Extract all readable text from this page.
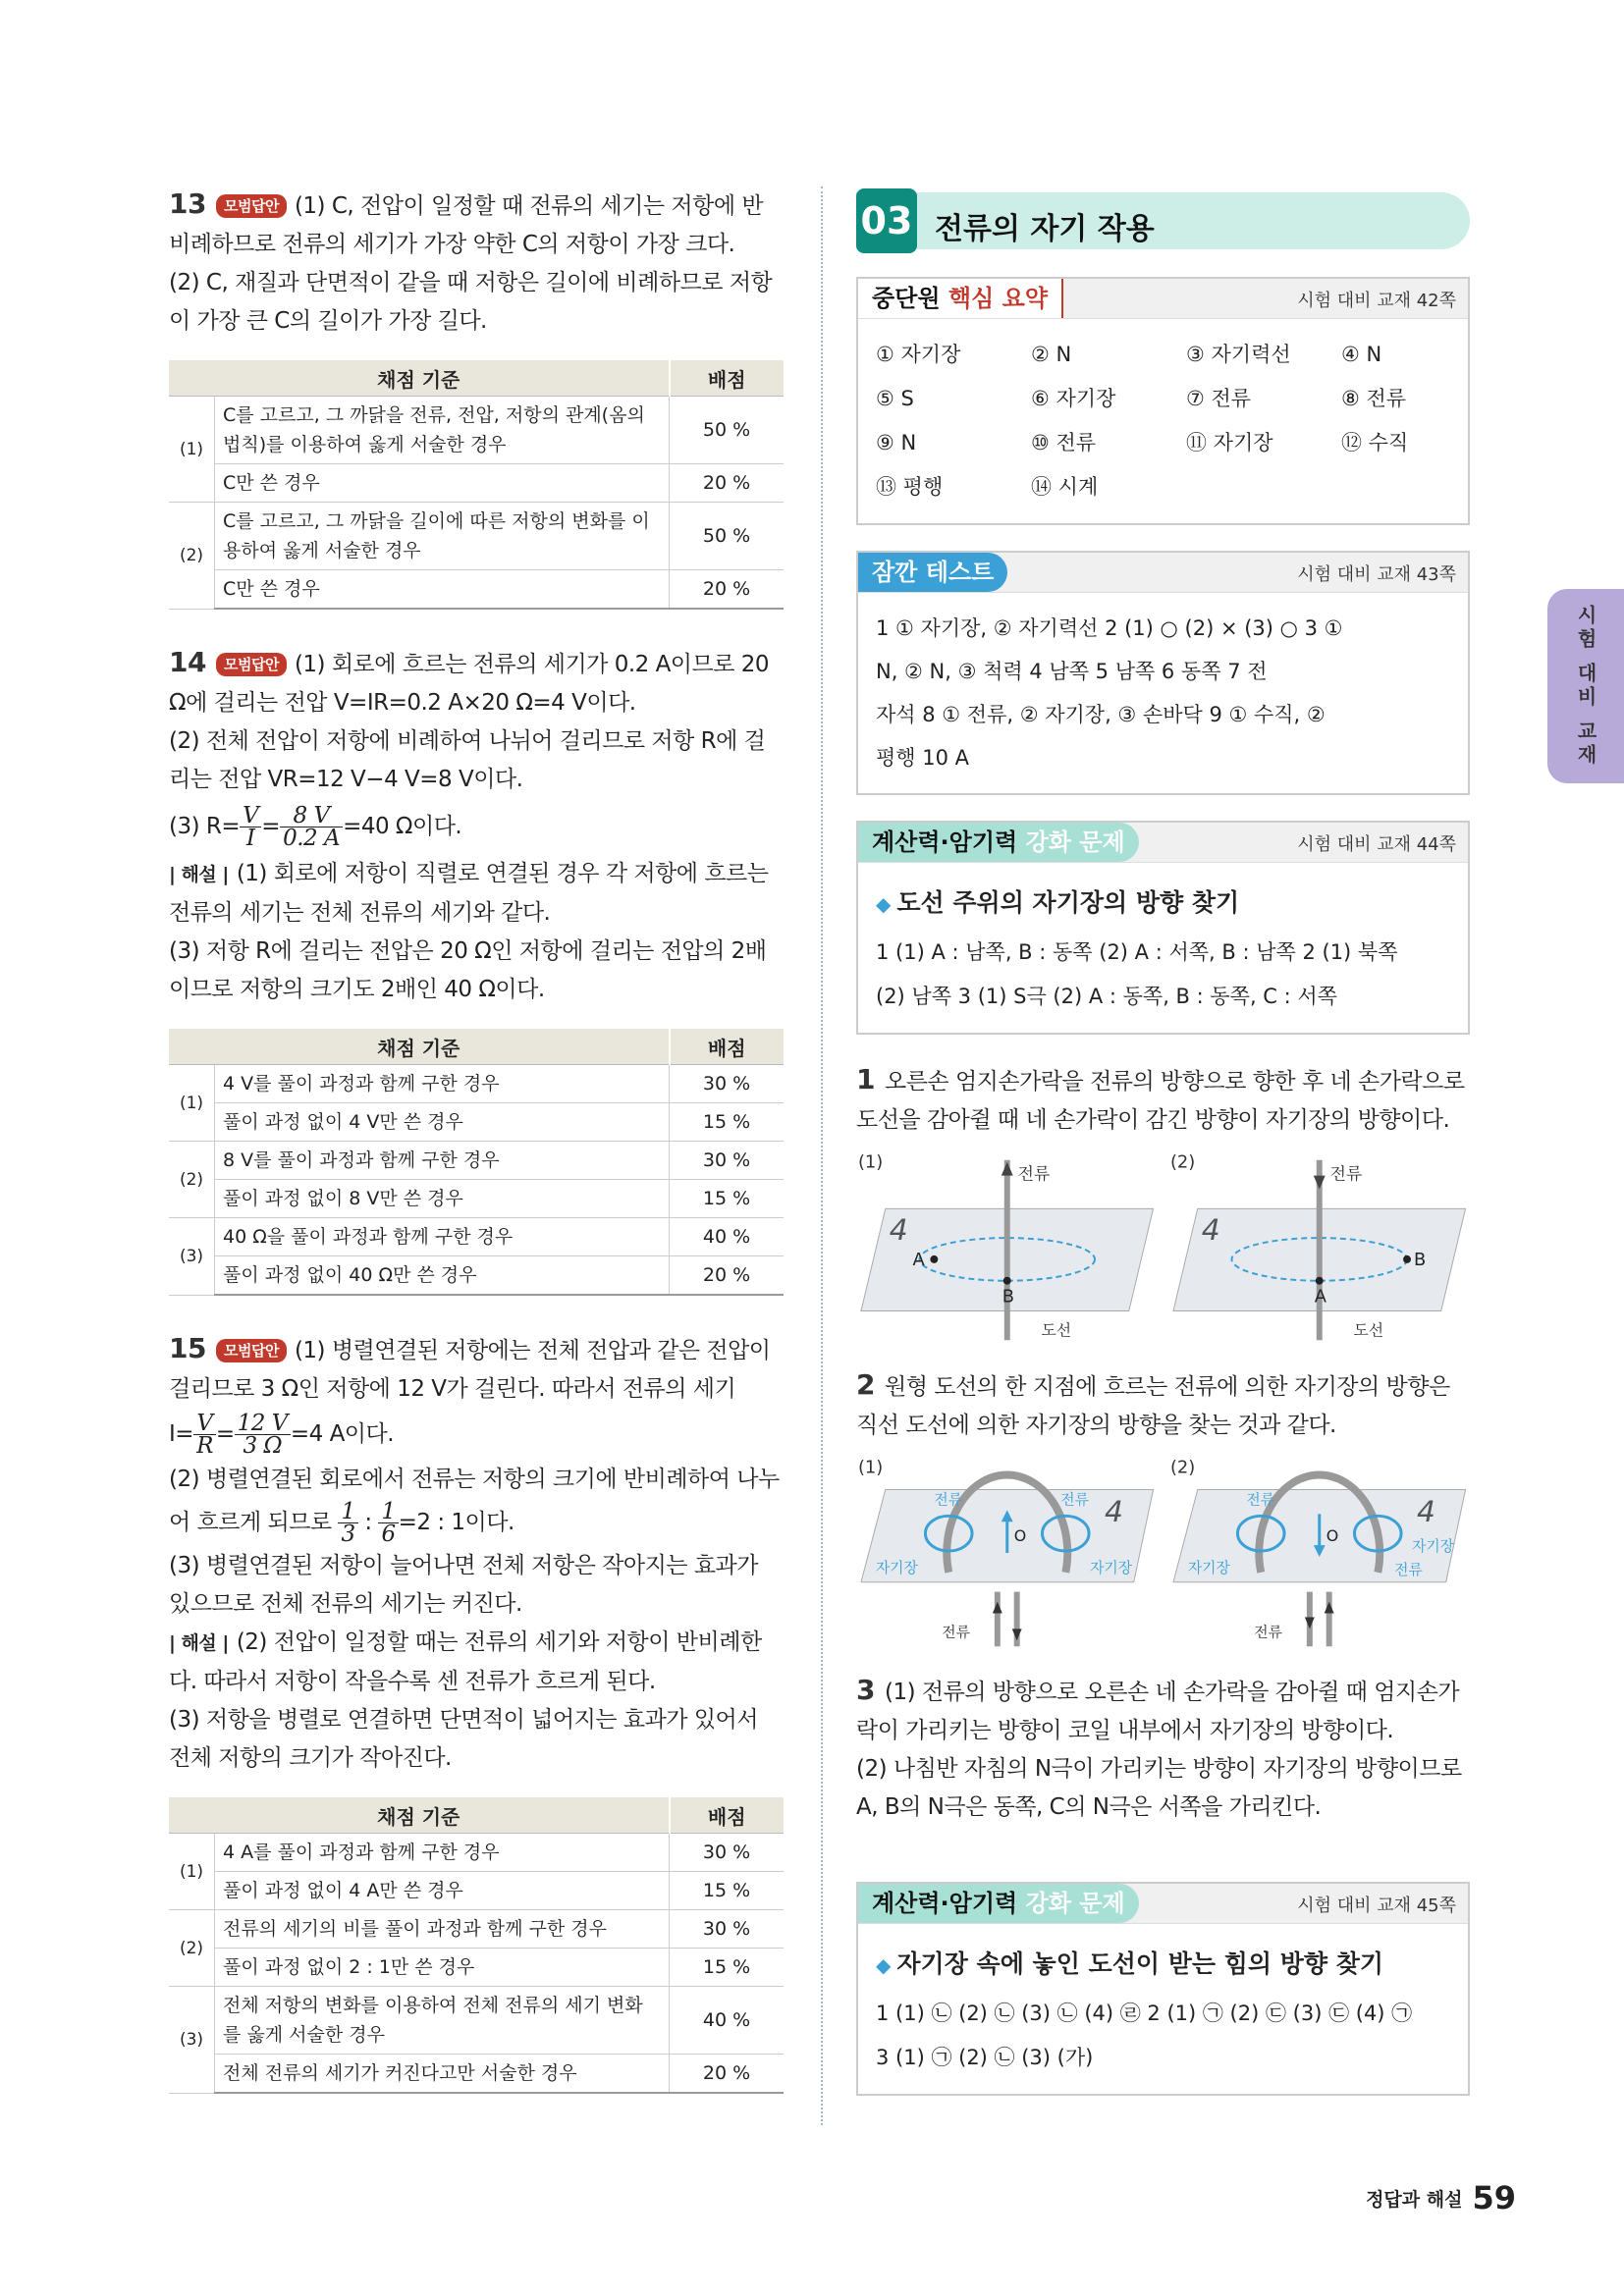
13 모범답안 (1) C, 전압이 일정할 때 전류의 세기는 저항에 반비례하므로 전류의 세기가 가장 약한 C의 저항이 가장 크다.

(2) C, 재질과 단면적이 같을 때 저항은 길이에 비례하므로 저항이 가장 큰 C의 길이가 가장 길다.

채점 기준		배점
(1)	C를 고르고, 그 까닭을 전류, 전압, 저항의 관계(옴의 법칙)를 이용하여 옳게 서술한 경우	50 %
	C만 쓴 경우	20 %
(2)	C를 고르고, 그 까닭을 길이에 따른 저항의 변화를 이용하여 옳게 서술한 경우	50 %
	C만 쓴 경우	20 %

14 모범답안 (1) 회로에 흐르는 전류의 세기가 0.2 A이므로 20 Ω에 걸리는 전압 V=IR=0.2 A×20 Ω=4 V이다.

(2) 전체 전압이 저항에 비례하여 나뉘어 걸리므로 저항 R에 걸리는 전압 VR=12 V−4 V=8 V이다.

(3) $R= \frac{V}{I} = \frac{8 V}{0.2 A} =40$ Ω이다.

| 해설 | (1) 회로에 저항이 직렬로 연결된 경우 각 저항에 흐르는 전류의 세기는 전체 전류의 세기와 같다.

(3) 저항 R에 걸리는 전압은 20 Ω인 저항에 걸리는 전압의 2배이므로 저항의 크기도 2배인 40 Ω이다.

채점 기준		배점
(1)	4 V를 풀이 과정과 함께 구한 경우	30 %
	풀이 과정 없이 4 V만 쓴 경우	15 %
(2)	8 V를 풀이 과정과 함께 구한 경우	30 %
	풀이 과정 없이 8 V만 쓴 경우	15 %
(3)	40 Ω을 풀이 과정과 함께 구한 경우	40 %
	풀이 과정 없이 40 Ω만 쓴 경우	20 %

15 모범답안 (1) 병렬연결된 저항에는 전체 전압과 같은 전압이 걸리므로 3 Ω인 저항에 12 V가 걸린다. 따라서 전류의 세기

$I= \frac{V}{R} = \frac{12 V}{3 \Omega} =4$ A이다.

(2) 병렬연결된 회로에서 전류는 저항의 크기에 반비례하여 나누

어 흐르게 되므로 $\frac{1}{3}$ : $\frac{1}{6} =2$ : 1이다.

(3) 병렬연결된 저항이 늘어나면 전체 저항은 작아지는 효과가 있으므로 전체 전류의 세기는 커진다.

| 해설 | (2) 전압이 일정할 때는 전류의 세기와 저항이 반비례한다. 따라서 저항이 작을수록 센 전류가 흐르게 된다.

(3) 저항을 병렬로 연결하면 단면적이 넓어지는 효과가 있어서 전체 저항의 크기가 작아진다.

채점 기준		배점
(1)	4 A를 풀이 과정과 함께 구한 경우	30 %
	풀이 과정 없이 4 A만 쓴 경우	15 %
(2)	전류의 세기의 비를 풀이 과정과 함께 구한 경우	30 %
	풀이 과정 없이 2 : 1만 쓴 경우	15 %
(3)	전체 저항의 변화를 이용하여 전체 전류의 세기 변화를 옳게 서술한 경우	40 %
	전체 전류의 세기가 커진다고만 서술한 경우	20 %
03 전류의 자기 작용
중단원 핵심 요약	시험 대비 교재 42쪽
① 자기장	② N	③ 자기력선	④ N
⑤ S	⑥ 자기장	⑦ 전류	⑧ 전류
⑨ N	⑩ 전류	⑪ 자기장	⑫ 수직
⑬ 평행	⑭ 시계
잠깐 테스트	시험 대비 교재 43쪽
1 ① 자기장, ② 자기력선 2 (1) ○ (2) × (3) ○ 3 ①
N, ② N, ③ 척력 4 남쪽 5 남쪽 6 동쪽 7 전
자석 8 ① 전류, ② 자기장, ③ 손바닥 9 ① 수직, ②
평행 10 A
계산력·암기력 강화 문제	시험 대비 교재 44쪽
◆ 도선 주위의 자기장의 방향 찾기
1 (1) A : 남쪽, B : 동쪽 (2) A : 서쪽, B : 남쪽 2 (1) 북쪽
(2) 남쪽 3 (1) S극 (2) A : 동쪽, B : 동쪽, C : 서쪽

1 오른손 엄지손가락을 전류의 방향으로 향한 후 네 손가락으로 도선을 감아쥘 때 네 손가락이 감긴 방향이 자기장의 방향이다.

(1)
전류
A
B
도선
4
(2)
전류
B
A
도선
4

2 원형 도선의 한 지점에 흐르는 전류에 의한 자기장의 방향은 직선 도선에 의한 자기장의 방향을 찾는 것과 같다.

(1)
O
전류	전류
자기장	자기장
전류
4
(2)
O
전류
전류
자기장
자기장
전류
4

3 (1) 전류의 방향으로 오른손 네 손가락을 감아쥘 때 엄지손가락이 가리키는 방향이 코일 내부에서 자기장의 방향이다.

(2) 나침반 자침의 N극이 가리키는 방향이 자기장의 방향이므로 A, B의 N극은 동쪽, C의 N극은 서쪽을 가리킨다.

계산력·암기력 강화 문제	시험 대비 교재 45쪽
◆ 자기장 속에 놓인 도선이 받는 힘의 방향 찾기
1 (1) ㉡ (2) ㉡ (3) ㉡ (4) ㉣ 2 (1) ㉠ (2) ㉢ (3) ㉢ (4) ㉠
3 (1) ㉠ (2) ㉡ (3) (가)
시험 대비 교재
정답과 해설 59
